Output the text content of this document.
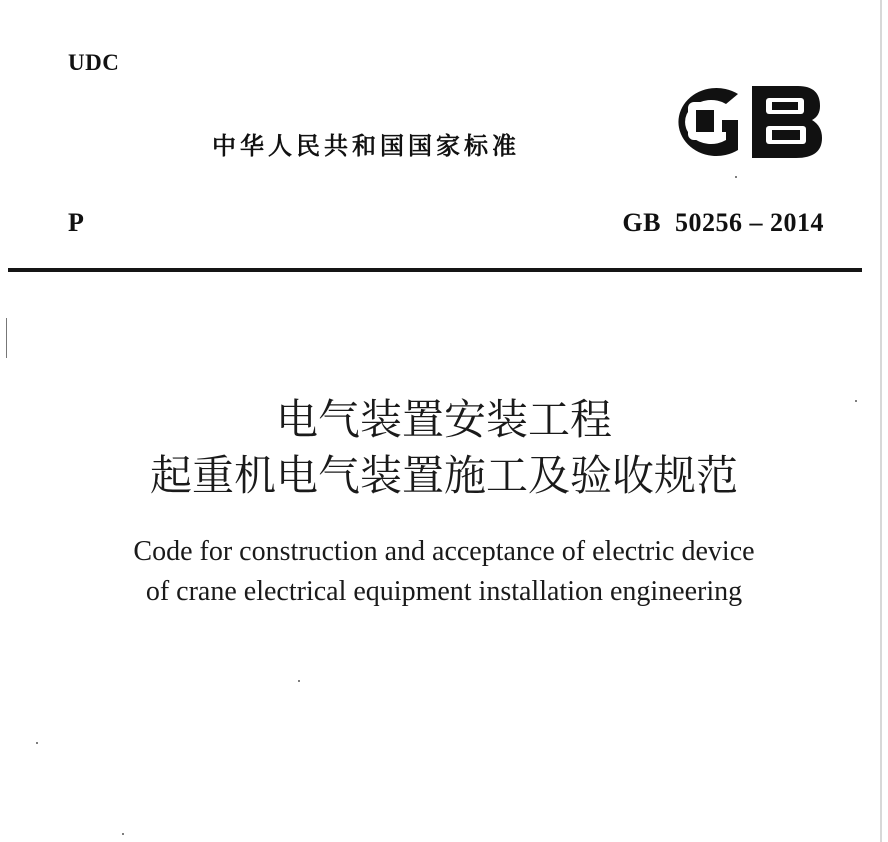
UDC
中华人民共和国国家标准
P	GB  50256 – 2014
电气装置安装工程
起重机电气装置施工及验收规范
Code for construction and acceptance of electric device
of crane electrical equipment installation engineering
